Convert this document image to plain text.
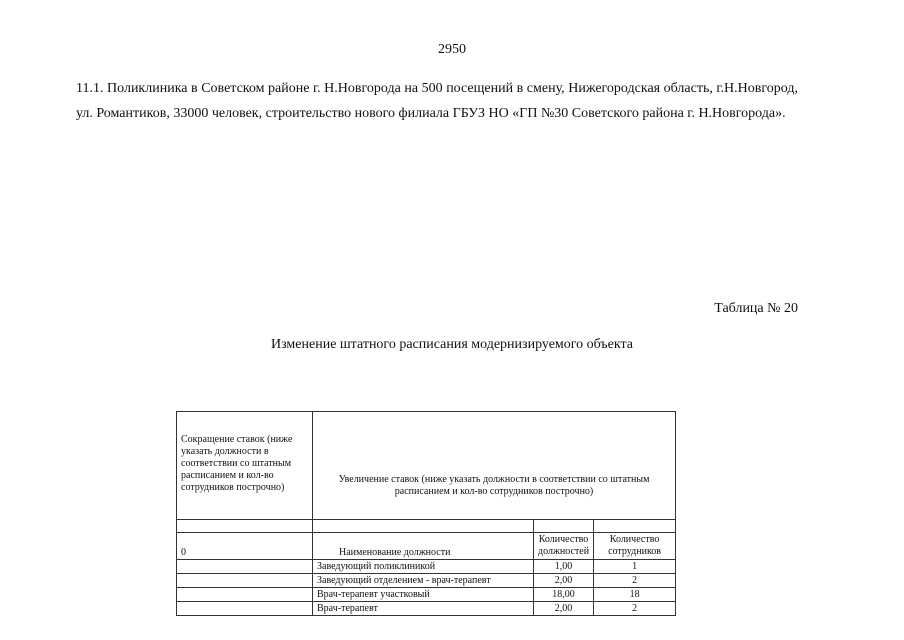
2950
11.1. Поликлиника в Советском районе г. Н.Новгорода на 500 посещений в смену, Нижегородская область, г.Н.Новгород, ул. Романтиков, 33000 человек, строительство нового филиала ГБУЗ НО «ГП №30 Советского района г. Н.Новгорода».
Таблица № 20
Изменение штатного расписания модернизируемого объекта
Сокращение ставок (ниже указать должности в соответствии со штатным расписанием и кол-во сотрудников построчно)	Увеличение ставок (ниже указать должности в соответствии со штатным расписанием и кол-во сотрудников построчно)		

0	Наименование должности	Количество должностей	Количество сотрудников
	Заведующий поликлиникой	1,00	1
	Заведующий отделением - врач-терапевт	2,00	2
	Врач-терапевт участковый	18,00	18
	Врач-терапевт	2,00	2
